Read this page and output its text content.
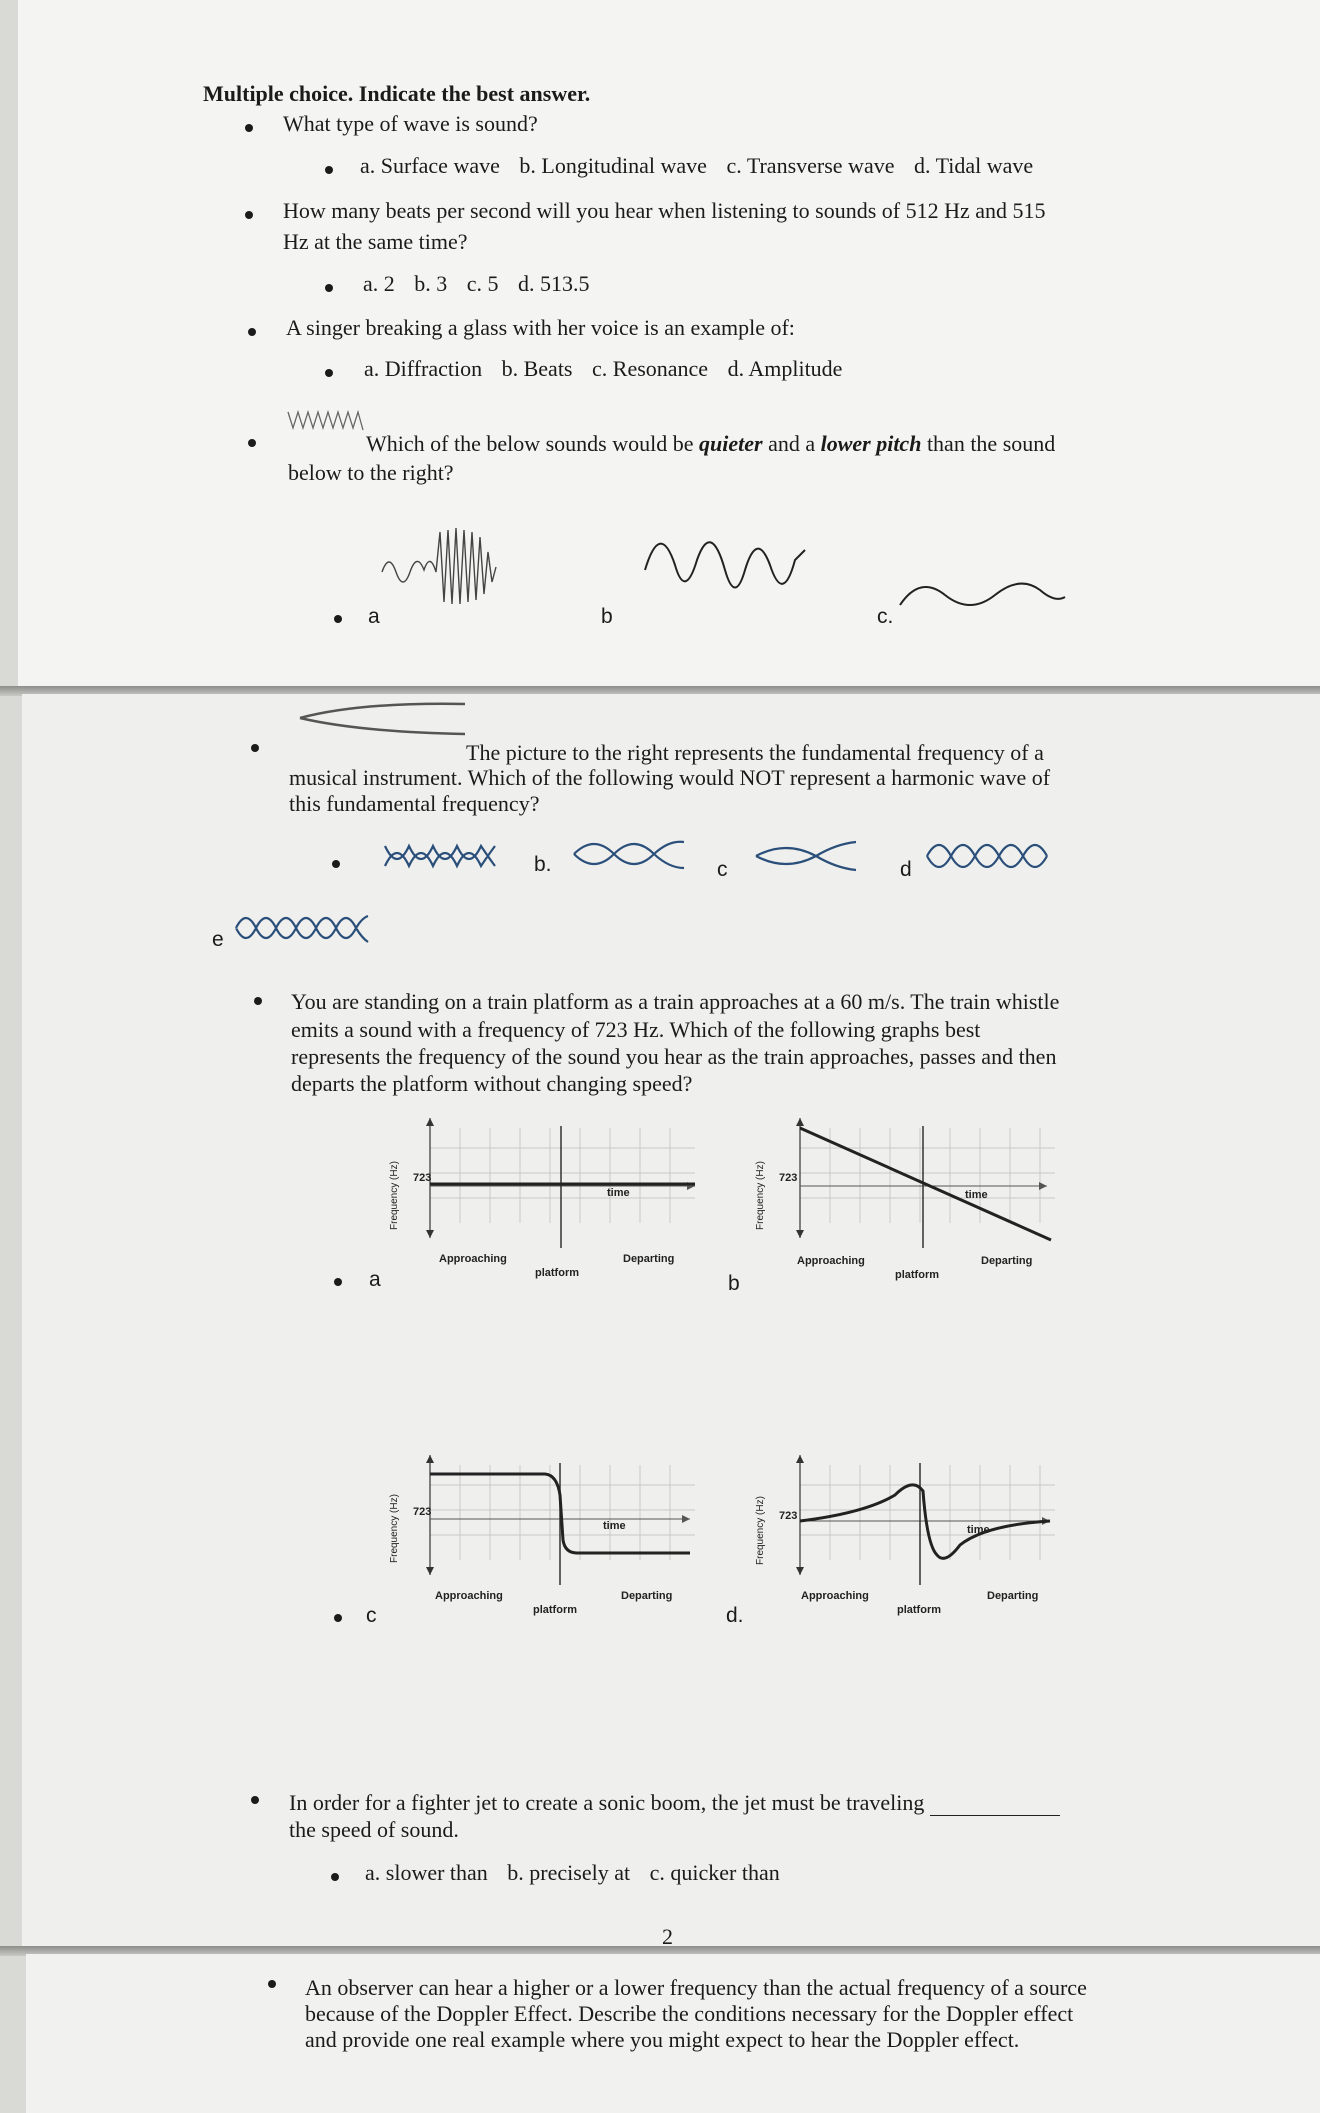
Multiple choice. Indicate the best answer.
What type of wave is sound?
a. Surface wave b. Longitudinal wave c. Transverse wave d. Tidal wave
How many beats per second will you hear when listening to sounds of 512 Hz and 515
Hz at the same time?
a. 2 b. 3 c. 5 d. 513.5
A singer breaking a glass with her voice is an example of:
a. Diffraction b. Beats c. Resonance d. Amplitude
Which of the below sounds would be quieter and a lower pitch than the sound
below to the right?
a	b	c.
The picture to the right represents the fundamental frequency of a
musical instrument. Which of the following would NOT represent a harmonic wave of
this fundamental frequency?
b.	c	d
e
You are standing on a train platform as a train approaches at a 60 m/s. The train whistle
emits a sound with a frequency of 723 Hz. Which of the following graphs best
represents the frequency of the sound you hear as the train approaches, passes and then
departs the platform without changing speed?
a	b
c	d.
Frequency (Hz) 723
time
Approaching
platform
Departing
Frequency (Hz) 723
time
Approaching
platform
Departing
Frequency (Hz) 723
time
Approaching
platform
Departing
Frequency (Hz) 723
time
Approaching
platform
Departing
In order for a fighter jet to create a sonic boom, the jet must be traveling
the speed of sound.
a. slower than b. precisely at c. quicker than
2
An observer can hear a higher or a lower frequency than the actual frequency of a source
because of the Doppler Effect. Describe the conditions necessary for the Doppler effect
and provide one real example where you might expect to hear the Doppler effect.
